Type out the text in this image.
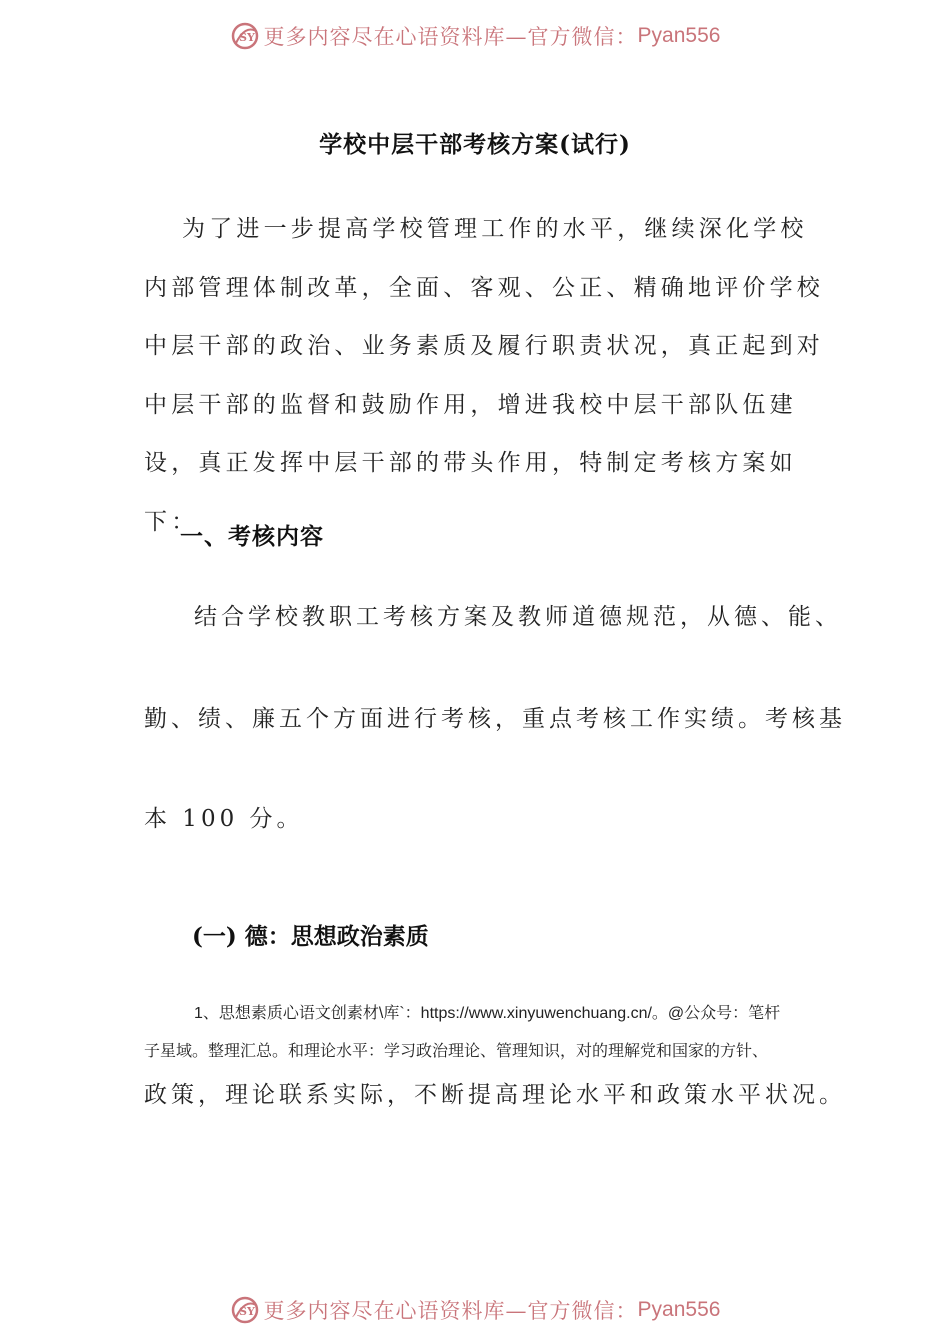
SY 更多内容尽在心语资料库—官方微信： Pyan556
学校中层干部考核方案(试行)
为了进一步提高学校管理工作的水平，继续深化学校内部管理体制改革，全面、客观、公正、精确地评价学校中层干部的政治、业务素质及履行职责状况，真正起到对中层干部的监督和鼓励作用，增进我校中层干部队伍建设，真正发挥中层干部的带头作用，特制定考核方案如下：
一、考核内容
结合学校教职工考核方案及教师道德规范，从德、能、
勤、绩、廉五个方面进行考核，重点考核工作实绩。考核基
本 100 分。
(一) 德：思想政治素质
1、思想素质心语文创素材\库`：https://www.xinyuwenchuang.cn/。@公众号：笔杆
子星域。整理汇总。和理论水平：学习政治理论、管理知识，对的理解党和国家的方针、
政策，理论联系实际，不断提高理论水平和政策水平状况。
SY 更多内容尽在心语资料库—官方微信： Pyan556
